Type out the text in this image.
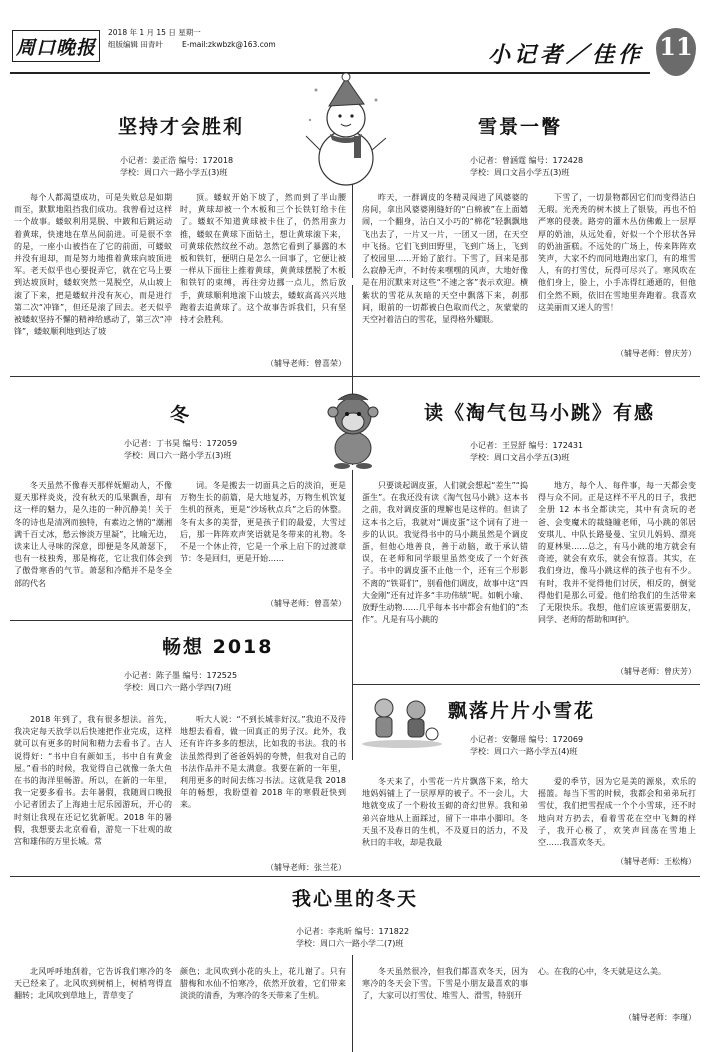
周口晚报
2018 年 1 月 15 日 星期一
组版编辑 田青叶	E-mail:zkwbzk@163.com	小记者／佳作 11
坚持才会胜利
小记者：姜正浩 编号：172018
学校：周口六一路小学五(3)班

每个人都渴望成功，可是失败总是如期而至，默默地阻挡我们成功。我曾看过这样一个故事。蝼蚁利用晃脱、中跛和后跳运动着黄球，快速地在草丛间前进。可是很不幸的是，一座小山被挡在了它的前面，可蝼蚁并没有退却，而是努力地推着黄球向坡顶进军。老天似乎也心要捉弄它，就在它马上要到达坡顶时，蝼蚁突然一晃脱空，从山坡上滚了下来，把是蝼蚁并没有灰心，而是进行第二次“冲锋”，但还是滚了回去。老天似乎被蝼蚁坚持不懈的精神给感动了，第三次“冲锋”，蝼蚁顺利地到达了坡

顶。蝼蚁开始下坡了，然而到了半山腰时，黄球却被一个木板和三个长铁钉给卡住了。蝼蚁不知道黄球被卡住了，仍然用蛮力推，蝼蚁在黄球下面钻土，想让黄球滚下来，可黄球依然纹丝不动。忽然它看到了暴露的木板和铁钉，便明白是怎么一回事了，它便让被一样从下面往上推着黄球，黄黄球摆脱了木板和铁钉的束缚，再往旁边挪一点儿，然后放手，黄球顺利地滚下山坡去，蝼蚁高高兴兴地跑着去追黄球了。这个故事告诉我们，只有坚持才会胜利。

（辅导老师：曾喜荣）
雪景一瞥
小记者：曾涵霆 编号：172428
学校：周口文昌小学五(3)班

昨天，一群调皮的冬精灵闯进了风婆婆的房间，拿出风婆婆刚缝好的“白棉被”在上面嬉闹，一个翻身，沾白又小巧的“棉花”轻飘飘地飞出去了，一片又一片，一团又一团，在天空中飞扬。它们飞到田野里，飞到广场上，飞到了校园里……开始了旅行。下雪了，回来是那么寂静无声，不时传来嘿嘿的风声，大地好像是在用沉默来对这些“不速之客”表示欢迎。横紫状的雪花从灰暗的天空中飘落下来，刹那间，眼前的一切都被白色取而代之，灰蒙蒙的天空衬着洁白的雪花，显得格外耀眼。

下雪了，一切景物都因它们而变得洁白无瑕。光秃秃的树木披上了银装，再也不怕严寒的侵袭。路旁的灌木丛仿佛戴上一层厚厚的奶油，从远处看，好似一个个形状各异的奶油蛋糕。不远处的广场上，传来阵阵欢笑声，大家不约而同地跑出家门，有的堆雪人，有的打雪仗，玩得可尽兴了。寒风吹在他们身上，脸上，小手冻得红通通的，但他们全然不顾，依旧在雪地里奔跑着。我喜欢这美丽而又迷人的雪！

（辅导老师：曾庆芳）
冬
小记者：丁书昊 编号：172059
学校：周口六一路小学五(3)班

冬天虽然不像春天那样妩媚动人，不像夏天那样炎炎，没有秋天的瓜果飘香，却有这一样的魅力，是久违的一种沉静美！关于冬的诗也是清冽而独特，有素边之情的“潮湘满千百丈冰，愁云惨淡万里凝”，比喻无边，读来让人寻味的深意，即便是冬风萧瑟下，也有一枝独秀，那是梅花，它让我们体会到了傲骨寒香的气节。萧瑟和冷酷并不是冬全部的代名

词。冬是搬去一切面具之后的淡泊，更是万物生长的前篇，是大地复苏，万物生机饮复生机的预兆，更是“沙场秋点兵”之后的休整。冬有太多的美誉，更是孩子们的最爱，大雪过后，那一阵阵欢声笑语就是冬带来的礼物。冬不是一个休止符，它是一个承上启下的过渡章节：冬是回归，更是开始……

（辅导老师：曾喜荣）
读《淘气包马小跳》有感
小记者：王昱舒 编号：172431
学校：周口文昌小学五(3)班

只要谈起调皮蛋，人们就会想起“差生”“捣蛋生”。在我还没有读《淘气包马小跳》这本书之前，我对调皮蛋的理解也是这样的。但读了这本书之后，我就对“调皮蛋”这个词有了进一步的认识。我觉得书中的马小跳虽然是个调皮蛋，但他心地善良，善于动脑，敢于承认错误，在老师和同学眼里虽然变成了一个好孩子。书中的调皮蛋不止他一个，还有三个形影不离的“铁哥们”，别看他们调皮，故事中这“四大金刚”还有过许多“丰功伟绩”呢。如帆小瑜、放野生动物……几乎每本书中都会有他们的“杰作”。凡是有马小跳的

地方，每个人、每件事，每一天都会变得与众不同。正是这样不平凡的日子，我把全册 12 本书全都读完，其中有贪玩的老爸、会变魔术的裁缝瞳老师，马小跳的邻居安琪儿、中队长路曼曼、宝贝儿妈妈、漂亮的夏林果……总之，有马小跳的地方就会有奇迹，就会有欢乐，就会有惊喜。其实，在我们身边，像马小跳这样的孩子也有不少。有时，我并不觉得他们讨厌，相反的，倒觉得他们是那么可爱。他们给我们的生活带来了无限快乐。我想，他们应该更需要朋友，同学、老师的帮助和呵护。

（辅导老师：曾庆芳）
畅想 2018
小记者：陈子墨 编号：172525
学校：周口六一路小学四(7)班

2018 年到了，我有很多想法。首先，我决定每天放学以后快速把作业完成，这样就可以有更多的时间和精力去看书了。古人说得好：“书中自有颜如玉，书中自有黄金屋。”看书的时候，我觉得自己就像一条大鱼在书的海洋里畅游。所以，在新的一年里，我一定要多看书。去年暑假，我随周口晚报小记者团去了上海迪士尼乐园游玩，开心的时刻让我现在还记忆犹新呢。2018 年的暑假，我想要去北京看看，游览一下壮观的故宫和雄伟的万里长城。常

听大人说：“不到长城非好汉。”我迫不及待地想去看看，做一回真正的男子汉。此外，我还有许许多多的想法，比如我的书法。我的书法虽然得到了爸爸妈妈的夸赞，但我对自己的书法作品并不是太满意。我要在新的一年里，利用更多的时间去练习书法。这就是我 2018 年的畅想，我盼望着 2018 年的寒假赶快到来。

（辅导老师：张兰花）
飘落片片小雪花
小记者：安馨瑶 编号：172069
学校：周口六一路小学五(4)班

冬天来了，小雪花一片片飘落下来，给大地妈妈铺上了一层厚厚的被子。不一会儿，大地就变成了一个粉妆玉砌的奇幻世界。我和弟弟兴奋地从上面踩过，留下一串串小脚印。冬天虽不及春日的生机，不及夏日的活力，不及秋日的丰收，却是我最

爱的季节，因为它是美的源泉，欢乐的摇篮。每当下雪的时候，我都会和弟弟玩打雪仗，我们把雪捏成一个个小雪球，还不时地向对方扔去，看着雪花在空中飞舞的样子，我开心极了，欢笑声回荡在雪地上空……我喜欢冬天。

（辅导老师：王松梅）
我心里的冬天
小记者：李兆昕 编号：171822
学校：周口六一路小学二(7)班

北风呼呼地刮着，它告诉我们寒冷的冬天已经来了。北风吹到树梢上，树梢弯得直翻转；北风吹到草地上，青草变了

颜色；北风吹到小花的头上，花儿谢了。只有腊梅和水仙不怕寒冷，依然开放着，它们带来淡淡的清香，为寒冷的冬天带来了生机。

冬天虽然很冷，但我们都喜欢冬天，因为寒冷的冬天会下雪。下雪是小朋友最喜欢的事了，大家可以打雪仗、堆雪人、滑雪，特别开

心。在我的心中，冬天就是这么美。

（辅导老师：李瑾）
